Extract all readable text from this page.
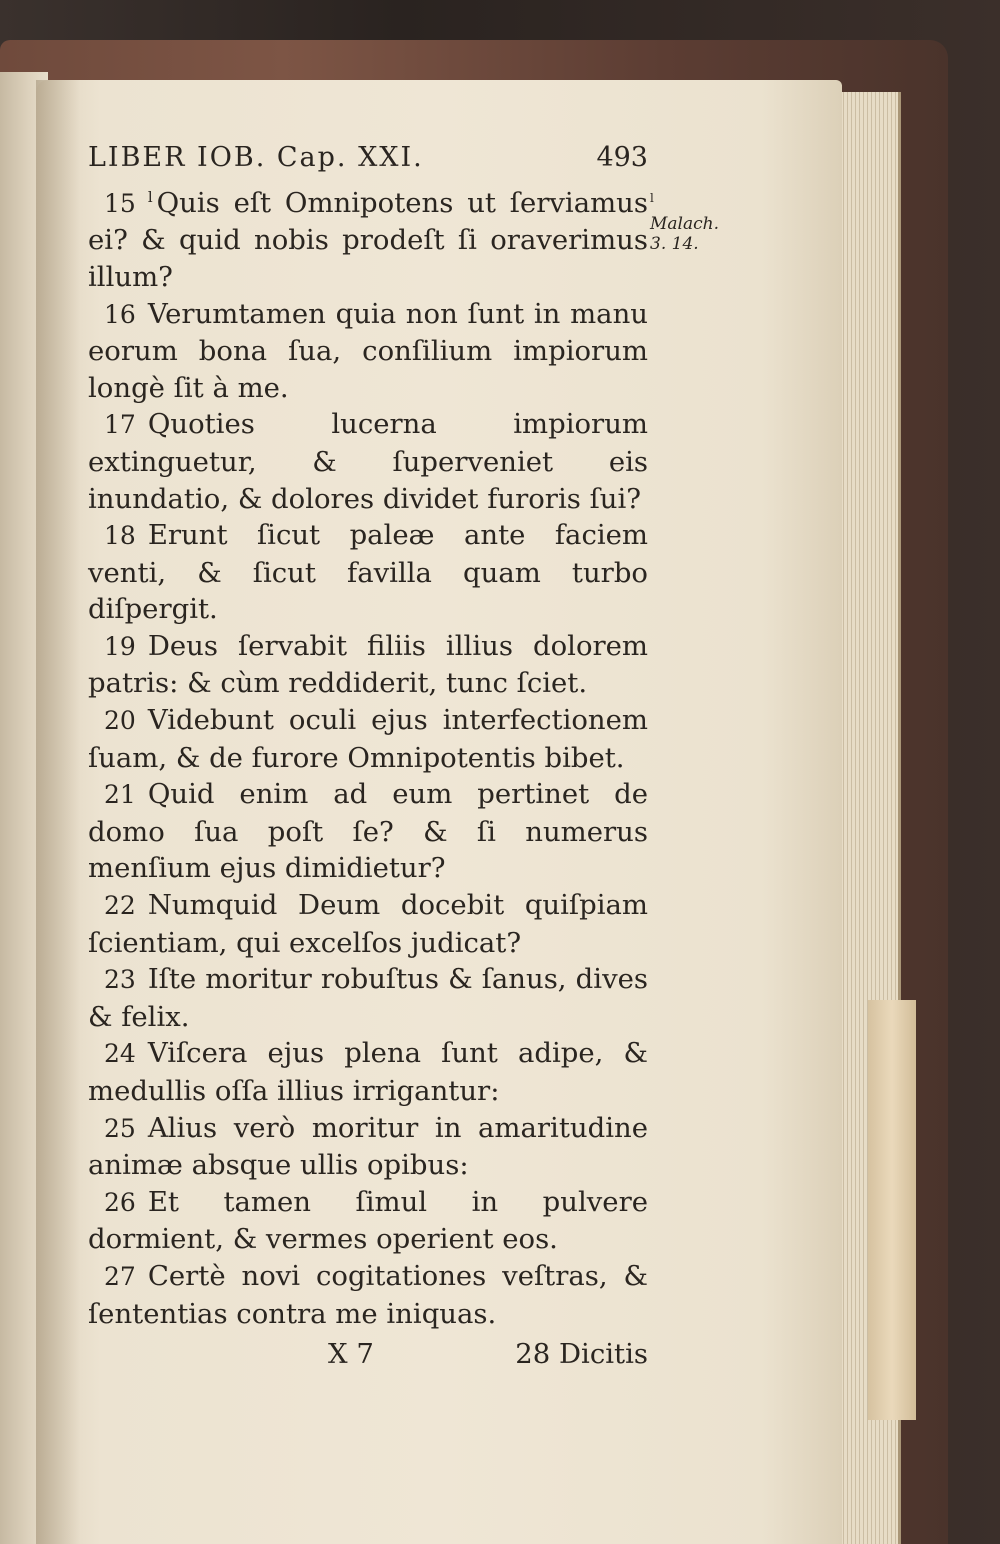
LIBER IOB. Cap. XXI.	493

15 $^l$ Quis eſt Omnipotens ut ſerviamus ei? & quid nobis prodeſt ſi oraverimus illum?

16 Verumtamen quia non ſunt in manu eorum bona ſua, conſilium impiorum longè ſit à me.

17 Quoties lucerna impiorum extinguetur, & ſuperveniet eis inundatio, & dolores dividet furoris ſui?

18 Erunt ſicut paleæ ante faciem venti, & ſicut favilla quam turbo diſpergit.

19 Deus ſervabit filiis illius dolorem patris: & cùm reddiderit, tunc ſciet.

20 Videbunt oculi ejus interfectionem ſuam, & de furore Omnipotentis bibet.

21 Quid enim ad eum pertinet de domo ſua poſt ſe? & ſi numerus menſium ejus dimidietur?

22 Numquid Deum docebit quiſpiam ſcientiam, qui excelſos judicat?

23 Iſte moritur robuſtus & ſanus, dives & felix.

24 Viſcera ejus plena ſunt adipe, & medullis oſſa illius irrigantur:

25 Alius verò moritur in amaritudine animæ absque ullis opibus:

26 Et tamen ſimul in pulvere dormient, & vermes operient eos.

27 Certè novi cogitationes veſtras, & ſententias contra me iniquas.

X 7	28 Dicitis
$^l$ Malach. 3. 14.
